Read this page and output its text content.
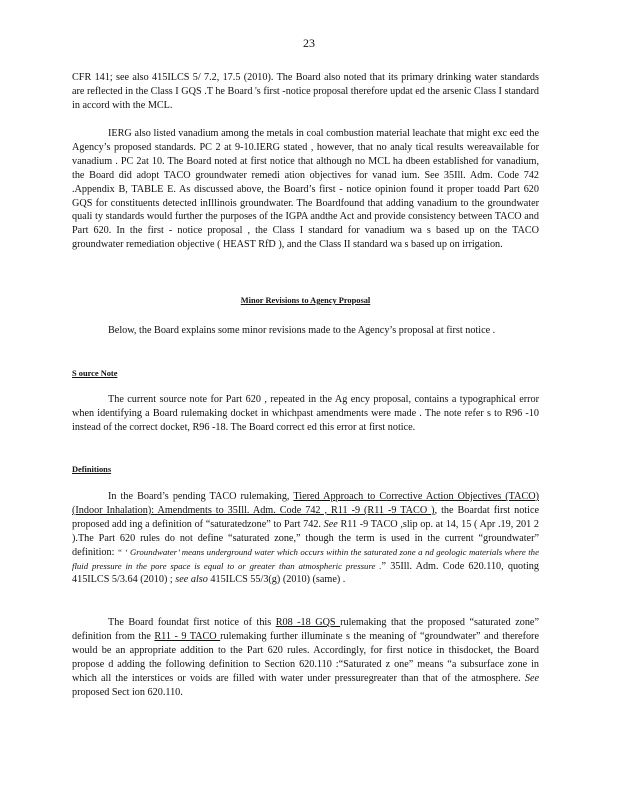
23

CFR 141; see also 415ILCS 5/ 7.2, 17.5 (2010). The Board also noted that its primary drinking water standards are reflected in the Class I GQS .T he Board 's first -notice proposal therefore updat ed the arsenic Class I standard in accord with the MCL.

IERG also listed vanadium among the metals in coal combustion material leachate that might exc eed the Agency’s proposed standards. PC 2 at 9-10.IERG stated , however, that no analy tical results wereavailable for vanadium . PC 2at 10. The Board noted at first notice that although no MCL ha dbeen established for vanadium, the Board did adopt TACO groundwater remedi ation objectives for vanad ium. See 35Ill. Adm. Code 742 .Appendix B, TABLE E. As discussed above, the Board’s first - notice opinion found it proper toadd Part 620 GQS for constituents detected inIllinois groundwater. The Boardfound that adding vanadium to the groundwater quali ty standards would further the purposes of the IGPA andthe Act and provide consistency between TACO and Part 620. In the first - notice proposal , the Class I standard for vanadium wa s based up on the TACO groundwater remediation objective ( HEAST RfD ), and the Class II standard wa s based up on irrigation.

Minor Revisions to Agency Proposal

Below, the Board explains some minor revisions made to the Agency’s proposal at first notice .

S ource Note

The current source note for Part 620 , repeated in the Ag ency proposal, contains a typographical error when identifying a Board rulemaking docket in whichpast amendments were made . The note refer s to R96 -10 instead of the correct docket, R96 -18. The Board correct ed this error at first notice.

Definitions

In the Board’s pending TACO rulemaking, Tiered Approach to Corrective Action Objectives (TACO) (Indoor Inhalation): Amendments to 35Ill. Adm. Code 742 , R11 -9 (R11 -9 TACO ), the Boardat first notice proposed add ing a definition of “saturatedzone” to Part 742. See R11 -9 TACO ,slip op. at 14, 15 ( Apr .19, 201 2 ).The Part 620 rules do not define “saturated zone,” though the term is used in the current “groundwater” definition: “ ‘ Groundwater’ means underground water which occurs within the saturated zone a nd geologic materials where the fluid pressure in the pore space is equal to or greater than atmospheric pressure .” 35Ill. Adm. Code 620.110, quoting 415ILCS 5/3.64 (2010) ; see also 415ILCS 55/3(g) (2010) (same) .

The Board foundat first notice of this R08 -18 GQS rulemaking that the proposed “saturated zone” definition from the R11 - 9 TACO rulemaking further illuminate s the meaning of “groundwater” and therefore would be an appropriate addition to the Part 620 rules. Accordingly, for first notice in thisdocket, the Board propose d adding the following definition to Section 620.110 :“Saturated z one” means “a subsurface zone in which all the interstices or voids are filled with water under pressuregreater than that of the atmosphere. See proposed Sect ion 620.110.
